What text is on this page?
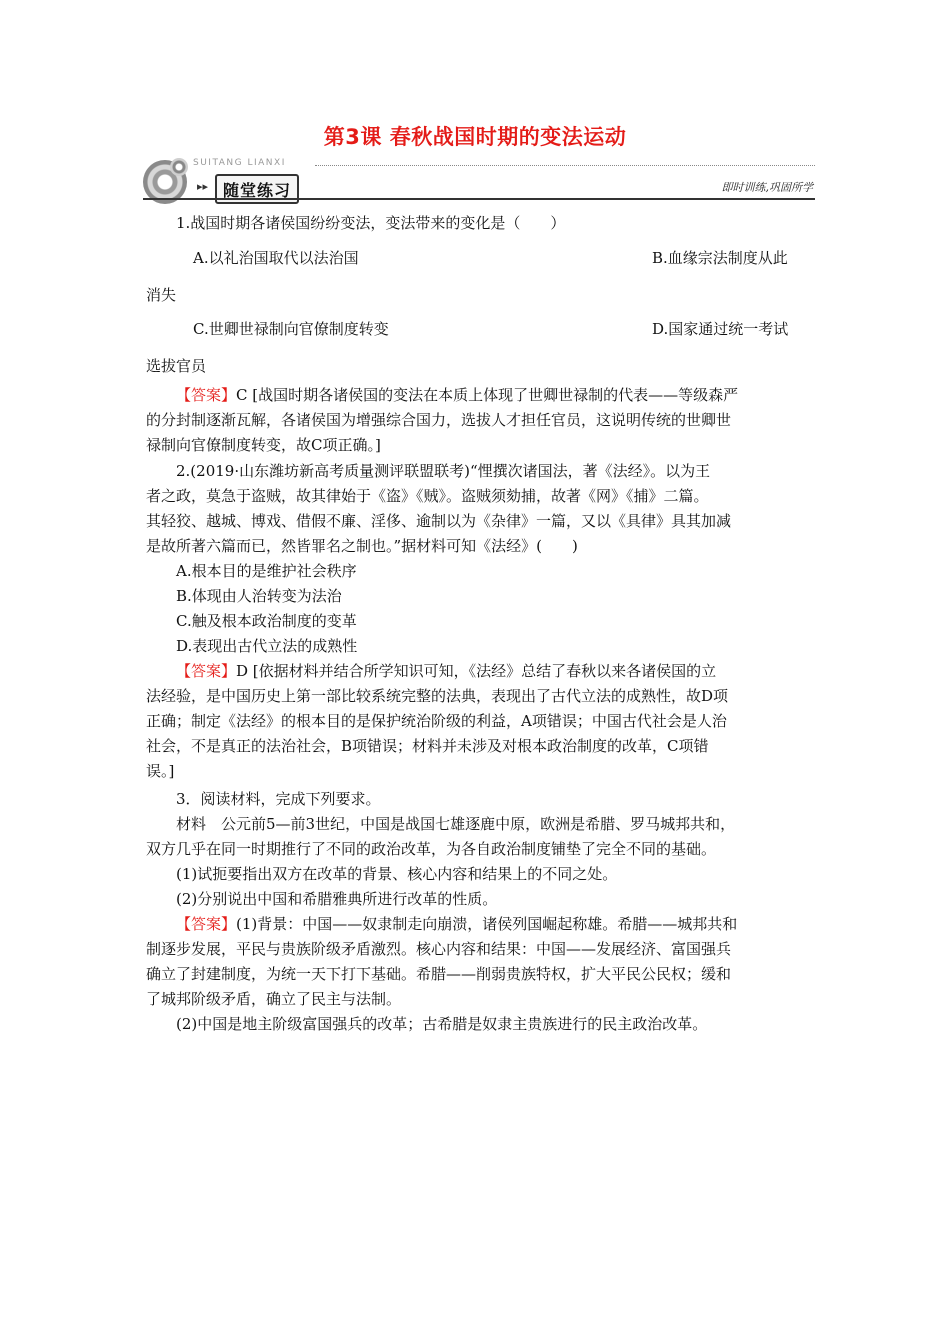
第3课 春秋战国时期的变法运动
SUITANG LIANXI
▸▸ 随堂练习	即时训练,巩固所学
1.战国时期各诸侯国纷纷变法，变法带来的变化是（　　）
A.以礼治国取代以法治国	B.血缘宗法制度从此
消失
C.世卿世禄制向官僚制度转变	D.国家通过统一考试
选拔官员
【答案】C [战国时期各诸侯国的变法在本质上体现了世卿世禄制的代表——等级森严
的分封制逐渐瓦解，各诸侯国为增强综合国力，选拔人才担任官员，这说明传统的世卿世
禄制向官僚制度转变，故C项正确。]
2.(2019·山东潍坊新高考质量测评联盟联考)“悝撰次诸国法，著《法经》。以为王
者之政，莫急于盗贼，故其律始于《盗》《贼》。盗贼须劾捕，故著《网》《捕》二篇。
其轻狡、越城、博戏、借假不廉、淫侈、逾制以为《杂律》一篇，又以《具律》具其加减
是故所著六篇而已，然皆罪名之制也。”据材料可知《法经》(　　)
A.根本目的是维护社会秩序
B.体现由人治转变为法治
C.触及根本政治制度的变革
D.表现出古代立法的成熟性
【答案】D [依据材料并结合所学知识可知，《法经》总结了春秋以来各诸侯国的立
法经验，是中国历史上第一部比较系统完整的法典，表现出了古代立法的成熟性，故D项
正确；制定《法经》的根本目的是保护统治阶级的利益，A项错误；中国古代社会是人治
社会，不是真正的法治社会，B项错误；材料并未涉及对根本政治制度的改革，C项错
误。]
3．阅读材料，完成下列要求。
材料　公元前5—前3世纪，中国是战国七雄逐鹿中原，欧洲是希腊、罗马城邦共和，
双方几乎在同一时期推行了不同的政治改革，为各自政治制度铺垫了完全不同的基础。
(1)试扼要指出双方在改革的背景、核心内容和结果上的不同之处。
(2)分别说出中国和希腊雅典所进行改革的性质。
【答案】(1)背景：中国——奴隶制走向崩溃，诸侯列国崛起称雄。希腊——城邦共和
制逐步发展，平民与贵族阶级矛盾激烈。核心内容和结果：中国——发展经济、富国强兵
确立了封建制度，为统一天下打下基础。希腊——削弱贵族特权，扩大平民公民权；缓和
了城邦阶级矛盾，确立了民主与法制。
(2)中国是地主阶级富国强兵的改革；古希腊是奴隶主贵族进行的民主政治改革。
